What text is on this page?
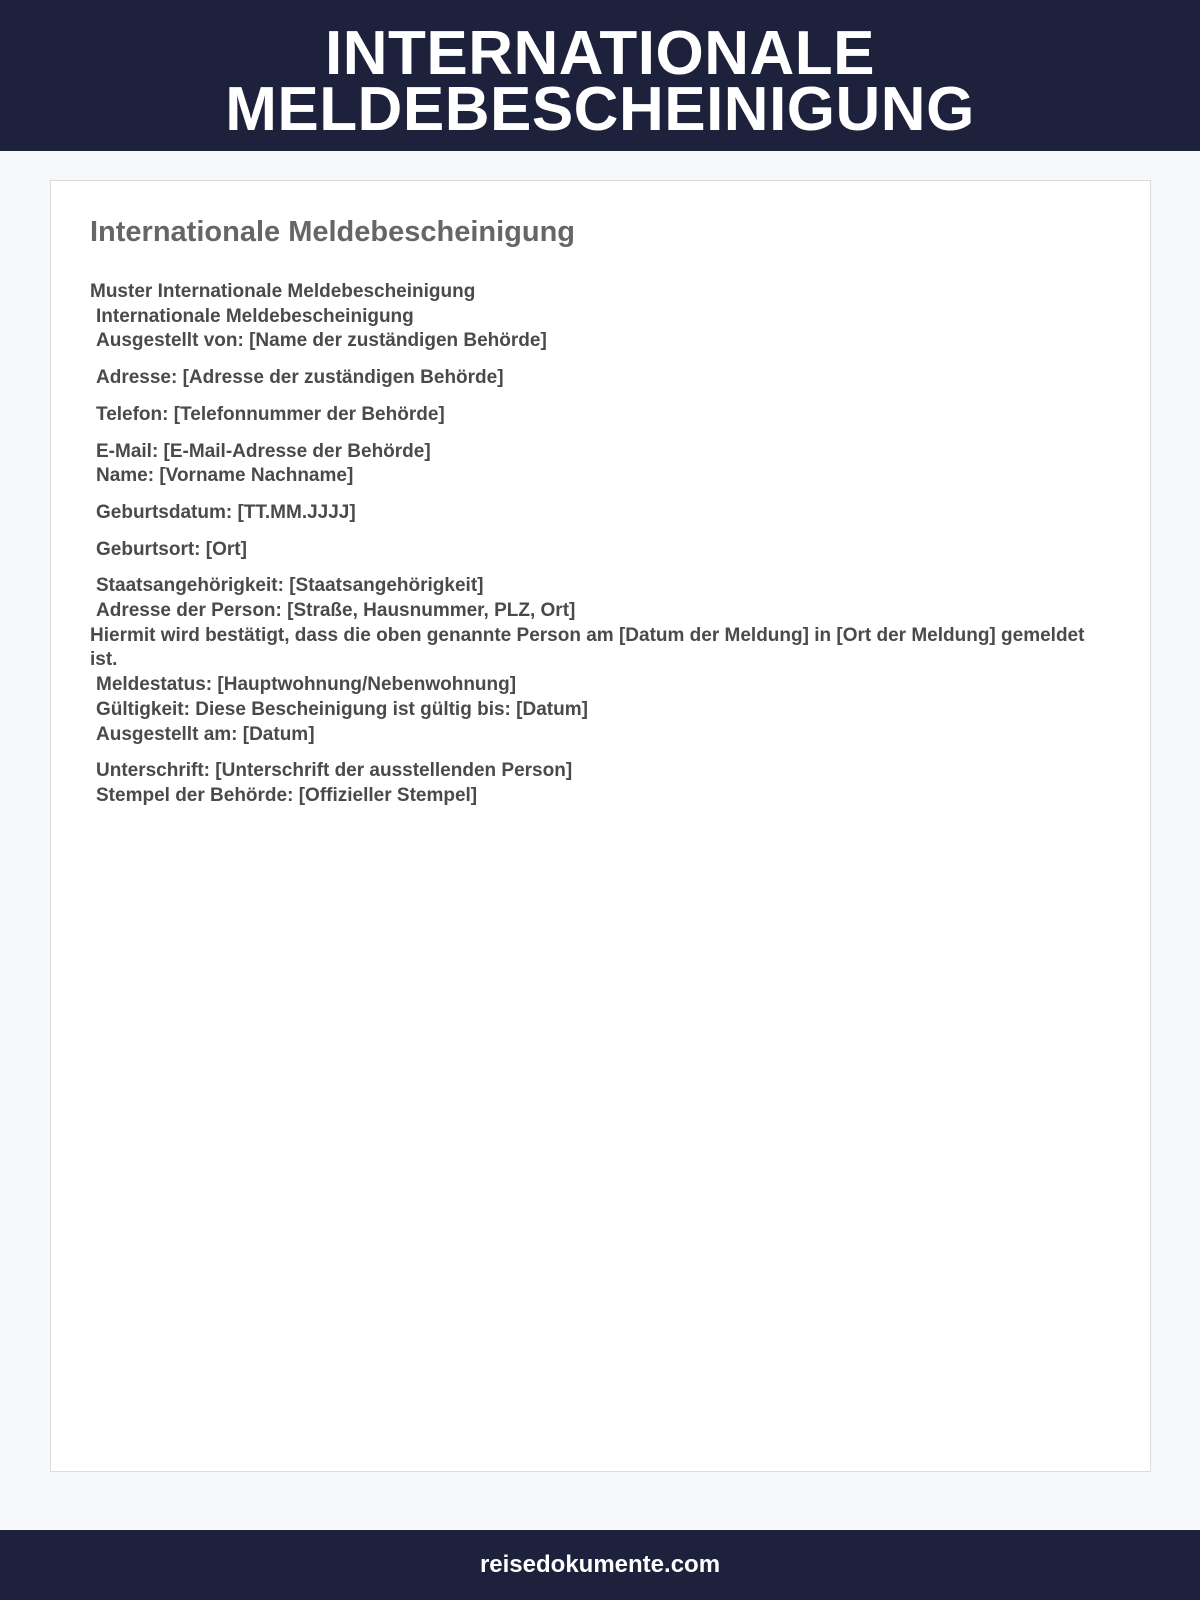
INTERNATIONALE
MELDEBESCHEINIGUNG
Internationale Meldebescheinigung
Muster Internationale Meldebescheinigung
Internationale Meldebescheinigung
Ausgestellt von: [Name der zuständigen Behörde]
Adresse: [Adresse der zuständigen Behörde]
Telefon: [Telefonnummer der Behörde]
E-Mail: [E-Mail-Adresse der Behörde]
Name: [Vorname Nachname]
Geburtsdatum: [TT.MM.JJJJ]
Geburtsort: [Ort]
Staatsangehörigkeit: [Staatsangehörigkeit]
Adresse der Person: [Straße, Hausnummer, PLZ, Ort]
Hiermit wird bestätigt, dass die oben genannte Person am [Datum der Meldung] in [Ort der Meldung] gemeldet ist.
Meldestatus: [Hauptwohnung/Nebenwohnung]
Gültigkeit: Diese Bescheinigung ist gültig bis: [Datum]
Ausgestellt am: [Datum]
Unterschrift: [Unterschrift der ausstellenden Person]
Stempel der Behörde: [Offizieller Stempel]
reisedokumente.com
